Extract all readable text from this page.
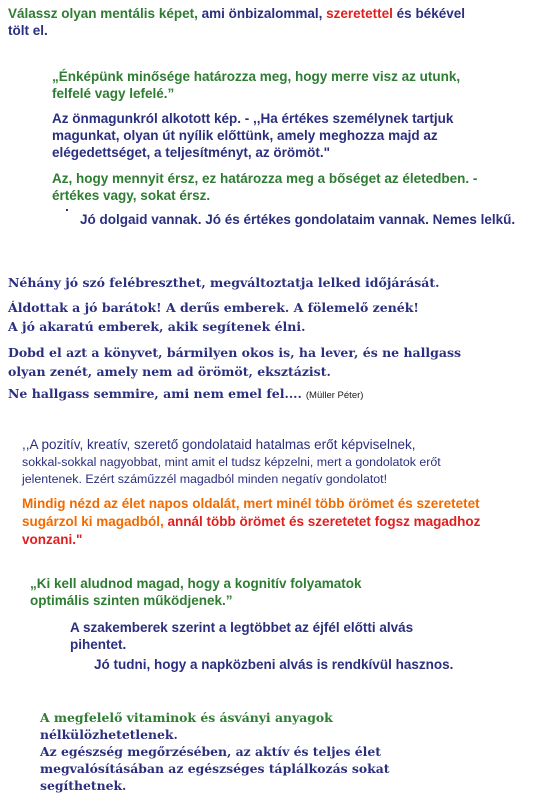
Válassz olyan mentális képet, ami önbizalommal, szeretettel és békével
tölt el.
„Énképünk minősége határozza meg, hogy merre visz az utunk,
felfelé vagy lefelé.”
Az önmagunkról alkotott kép. - ,,Ha értékes személynek tartjuk
magunkat, olyan út nyílik előttünk, amely meghozza majd az
elégedettséget, a teljesítményt, az örömöt."
Az, hogy mennyit érsz, ez határozza meg a bőséget az életedben. -
értékes vagy, sokat érsz.
Jó dolgaid vannak. Jó és értékes gondolataim vannak. Nemes lelkű.
Néhány jó szó felébreszthet, megváltoztatja lelked időjárását.
Áldottak a jó barátok! A derűs emberek. A fölemelő zenék!
A jó akaratú emberek, akik segítenek élni.
Dobd el azt a könyvet, bármilyen okos is, ha lever, és ne hallgass
olyan zenét, amely nem ad örömöt, eksztázist.
Ne hallgass semmire, ami nem emel fel.... (Müller Péter)
,,A pozitív, kreatív, szerető gondolataid hatalmas erőt képviselnek,
sokkal-sokkal nagyobbat, mint amit el tudsz képzelni, mert a gondolatok erőt
jelentenek. Ezért száműzzél magadból minden negatív gondolatot!
Mindig nézd az élet napos oldalát, mert minél több örömet és szeretetet
sugárzol ki magadból, annál több örömet és szeretetet fogsz magadhoz
vonzani."
„Ki kell aludnod magad, hogy a kognitív folyamatok
optimális szinten működjenek.”
A szakemberek szerint a legtöbbet az éjfél előtti alvás
pihentet.
Jó tudni, hogy a napközbeni alvás is rendkívül hasznos.
A megfelelő vitaminok és ásványi anyagok
nélkülözhetetlenek.
Az egészség megőrzésében, az aktív és teljes élet
megvalósításában az egészséges táplálkozás sokat
segíthetnek.
